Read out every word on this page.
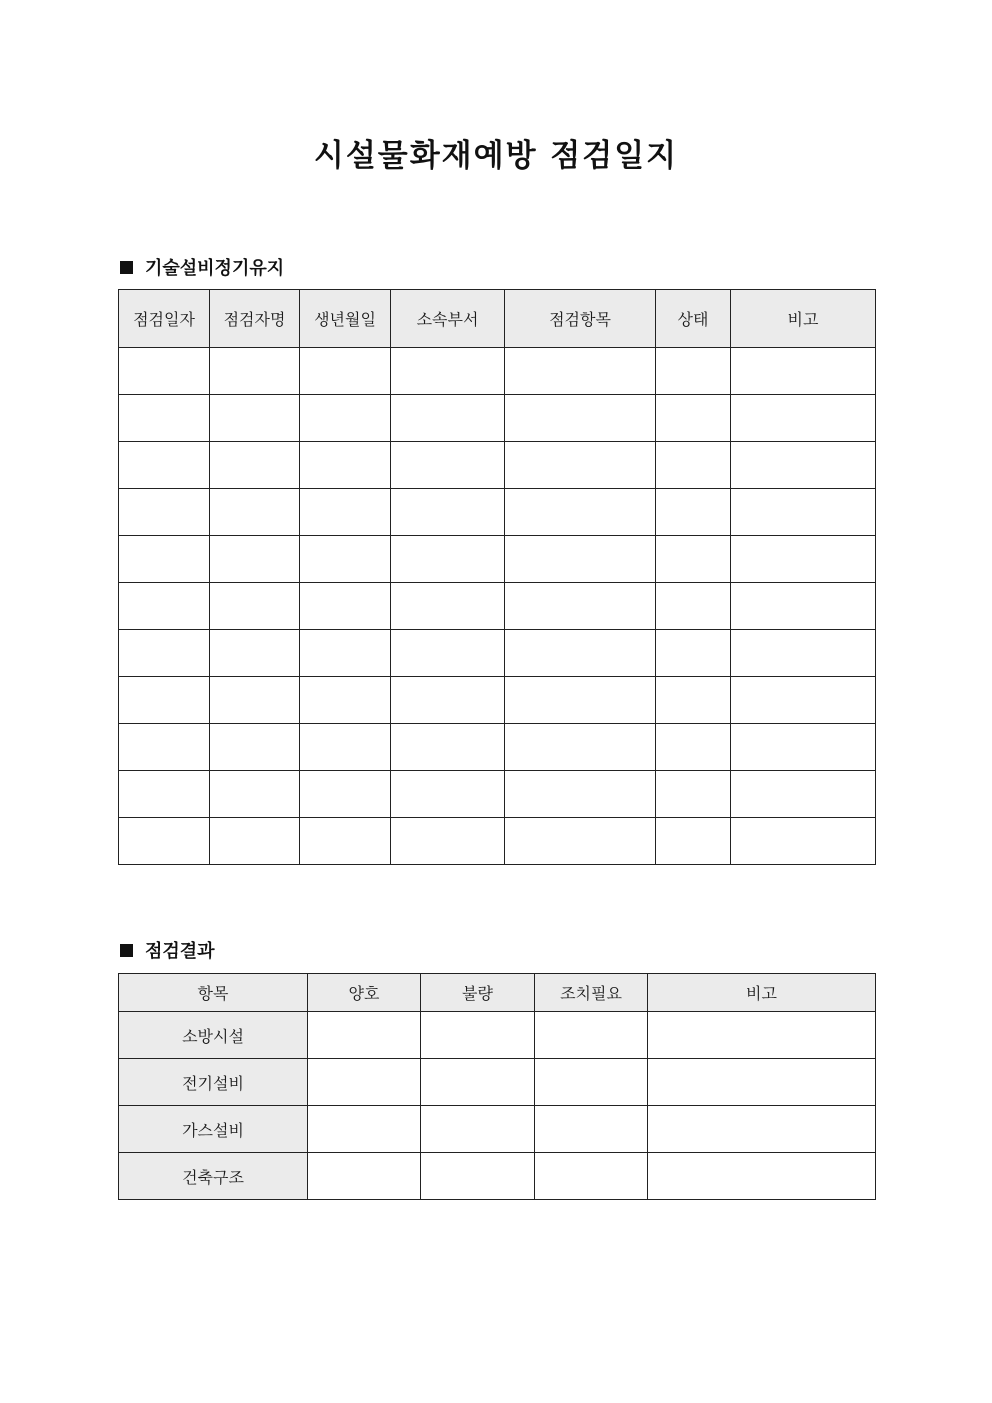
시설물화재예방 점검일지
기술설비정기유지
점검일자	점검자명	생년월일	소속부서	점검항목	상태	비고

점검결과
항목	양호	불량	조치필요	비고
소방시설				
전기설비				
가스설비				
건축구조				
